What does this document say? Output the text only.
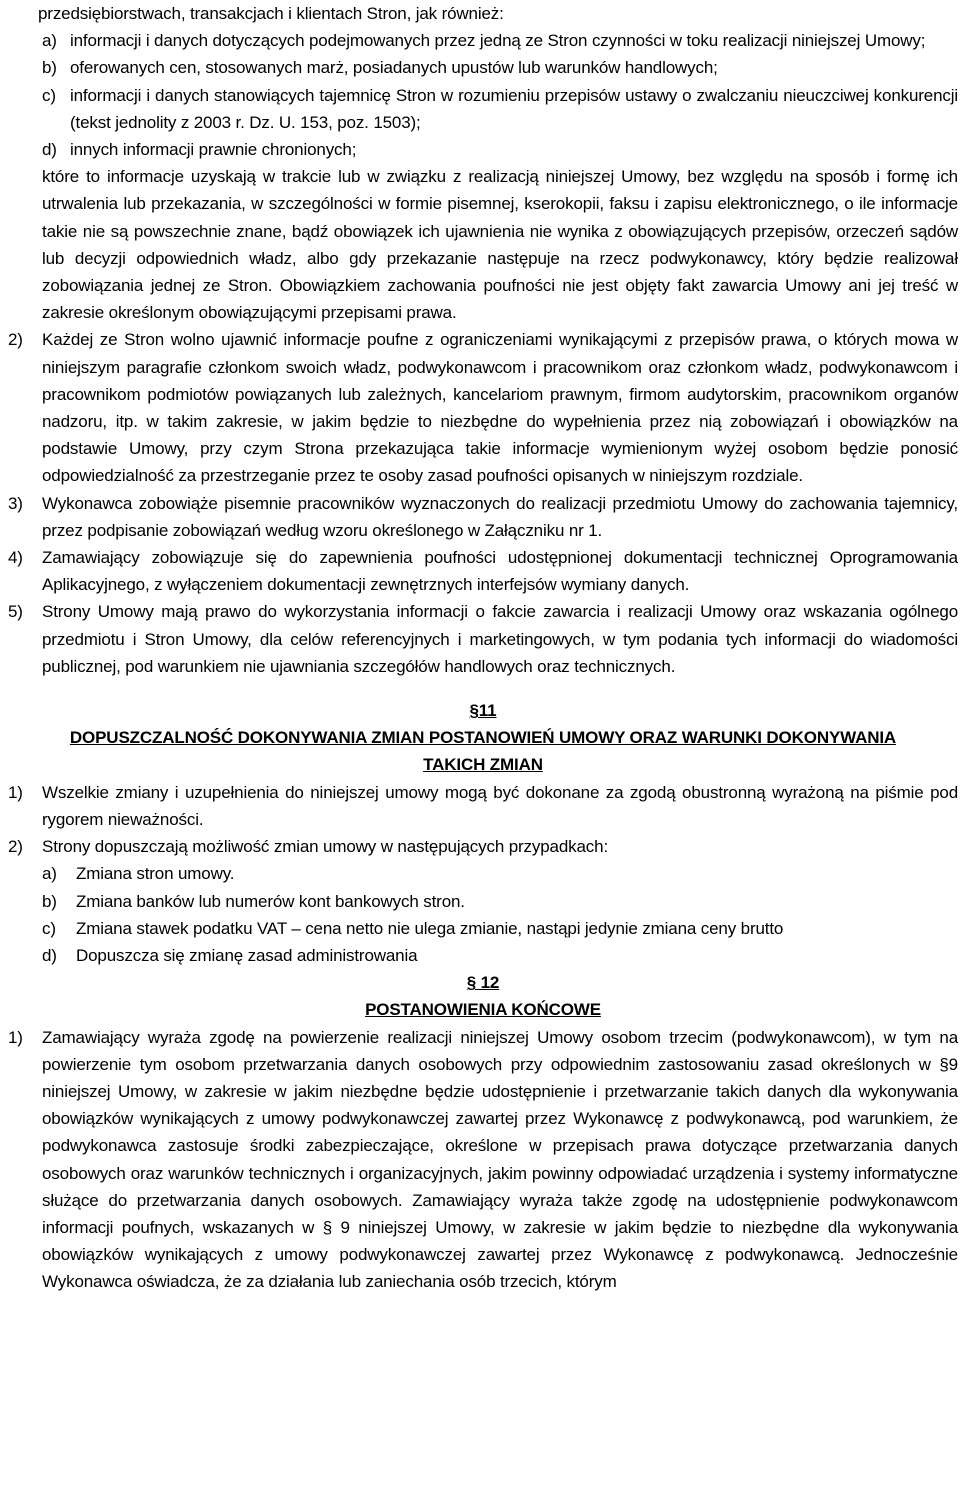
przedsiębiorstwach, transakcjach i klientach Stron, jak również:

a) informacji i danych dotyczących podejmowanych przez jedną ze Stron czynności w toku realizacji niniejszej Umowy;
b) oferowanych cen, stosowanych marż, posiadanych upustów lub warunków handlowych;
c) informacji i danych stanowiących tajemnicę Stron w rozumieniu przepisów ustawy o zwalczaniu nieuczciwej konkurencji (tekst jednolity z 2003 r. Dz. U. 153, poz. 1503);
d) innych informacji prawnie chronionych;

które to informacje uzyskają w trakcie lub w związku z realizacją niniejszej Umowy, bez względu na sposób i formę ich utrwalenia lub przekazania, w szczególności w formie pisemnej, kserokopii, faksu i zapisu elektronicznego, o ile informacje takie nie są powszechnie znane, bądź obowiązek ich ujawnienia nie wynika z obowiązujących przepisów, orzeczeń sądów lub decyzji odpowiednich władz, albo gdy przekazanie następuje na rzecz podwykonawcy, który będzie realizował zobowiązania jednej ze Stron. Obowiązkiem zachowania poufności nie jest objęty fakt zawarcia Umowy ani jej treść w zakresie określonym obowiązującymi przepisami prawa.

2)	Każdej ze Stron wolno ujawnić informacje poufne z ograniczeniami wynikającymi z przepisów prawa, o których mowa w niniejszym paragrafie członkom swoich władz, podwykonawcom i pracownikom oraz członkom władz, podwykonawcom i pracownikom podmiotów powiązanych lub zależnych, kancelariom prawnym, firmom audytorskim, pracownikom organów nadzoru, itp. w takim zakresie, w jakim będzie to niezbędne do wypełnienia przez nią zobowiązań i obowiązków na podstawie Umowy, przy czym Strona przekazująca takie informacje wymienionym wyżej osobom będzie ponosić odpowiedzialność za przestrzeganie przez te osoby zasad poufności opisanych w niniejszym rozdziale.
3)	Wykonawca zobowiąże pisemnie pracowników wyznaczonych do realizacji przedmiotu Umowy do zachowania tajemnicy, przez podpisanie zobowiązań według wzoru określonego w Załączniku nr 1.
4)	Zamawiający zobowiązuje się do zapewnienia poufności udostępnionej dokumentacji technicznej Oprogramowania Aplikacyjnego, z wyłączeniem dokumentacji zewnętrznych interfejsów wymiany danych.
5)	Strony Umowy mają prawo do wykorzystania informacji o fakcie zawarcia i realizacji Umowy oraz wskazania ogólnego przedmiotu i Stron Umowy, dla celów referencyjnych i marketingowych, w tym podania tych informacji do wiadomości publicznej, pod warunkiem nie ujawniania szczegółów handlowych oraz technicznych.

§11

DOPUSZCZALNOŚĆ DOKONYWANIA ZMIAN POSTANOWIEŃ UMOWY ORAZ WARUNKI DOKONYWANIA
TAKICH ZMIAN

1)	Wszelkie zmiany i uzupełnienia do niniejszej umowy mogą być dokonane za zgodą obustronną wyrażoną na piśmie pod rygorem nieważności.
2)	Strony dopuszczają możliwość zmian umowy w następujących przypadkach:
a)	Zmiana stron umowy.
b)	Zmiana banków lub numerów kont bankowych stron.
c)	Zmiana stawek podatku VAT – cena netto nie ulega zmianie, nastąpi jedynie zmiana ceny brutto
d)	Dopuszcza się zmianę zasad administrowania

§ 12

POSTANOWIENIA KOŃCOWE

1)	Zamawiający wyraża zgodę na powierzenie realizacji niniejszej Umowy osobom trzecim (podwykonawcom), w tym na powierzenie tym osobom przetwarzania danych osobowych przy odpowiednim zastosowaniu zasad określonych w §9 niniejszej Umowy, w zakresie w jakim niezbędne będzie udostępnienie i przetwarzanie takich danych dla wykonywania obowiązków wynikających z umowy podwykonawczej zawartej przez Wykonawcę z podwykonawcą, pod warunkiem, że podwykonawca zastosuje środki zabezpieczające, określone w przepisach prawa dotyczące przetwarzania danych osobowych oraz warunków technicznych i organizacyjnych, jakim powinny odpowiadać urządzenia i systemy informatyczne służące do przetwarzania danych osobowych. Zamawiający wyraża także zgodę na udostępnienie podwykonawcom informacji poufnych, wskazanych w § 9 niniejszej Umowy, w zakresie w jakim będzie to niezbędne dla wykonywania obowiązków wynikających z umowy podwykonawczej zawartej przez Wykonawcę z podwykonawcą. Jednocześnie Wykonawca oświadcza, że za działania lub zaniechania osób trzecich, którym
